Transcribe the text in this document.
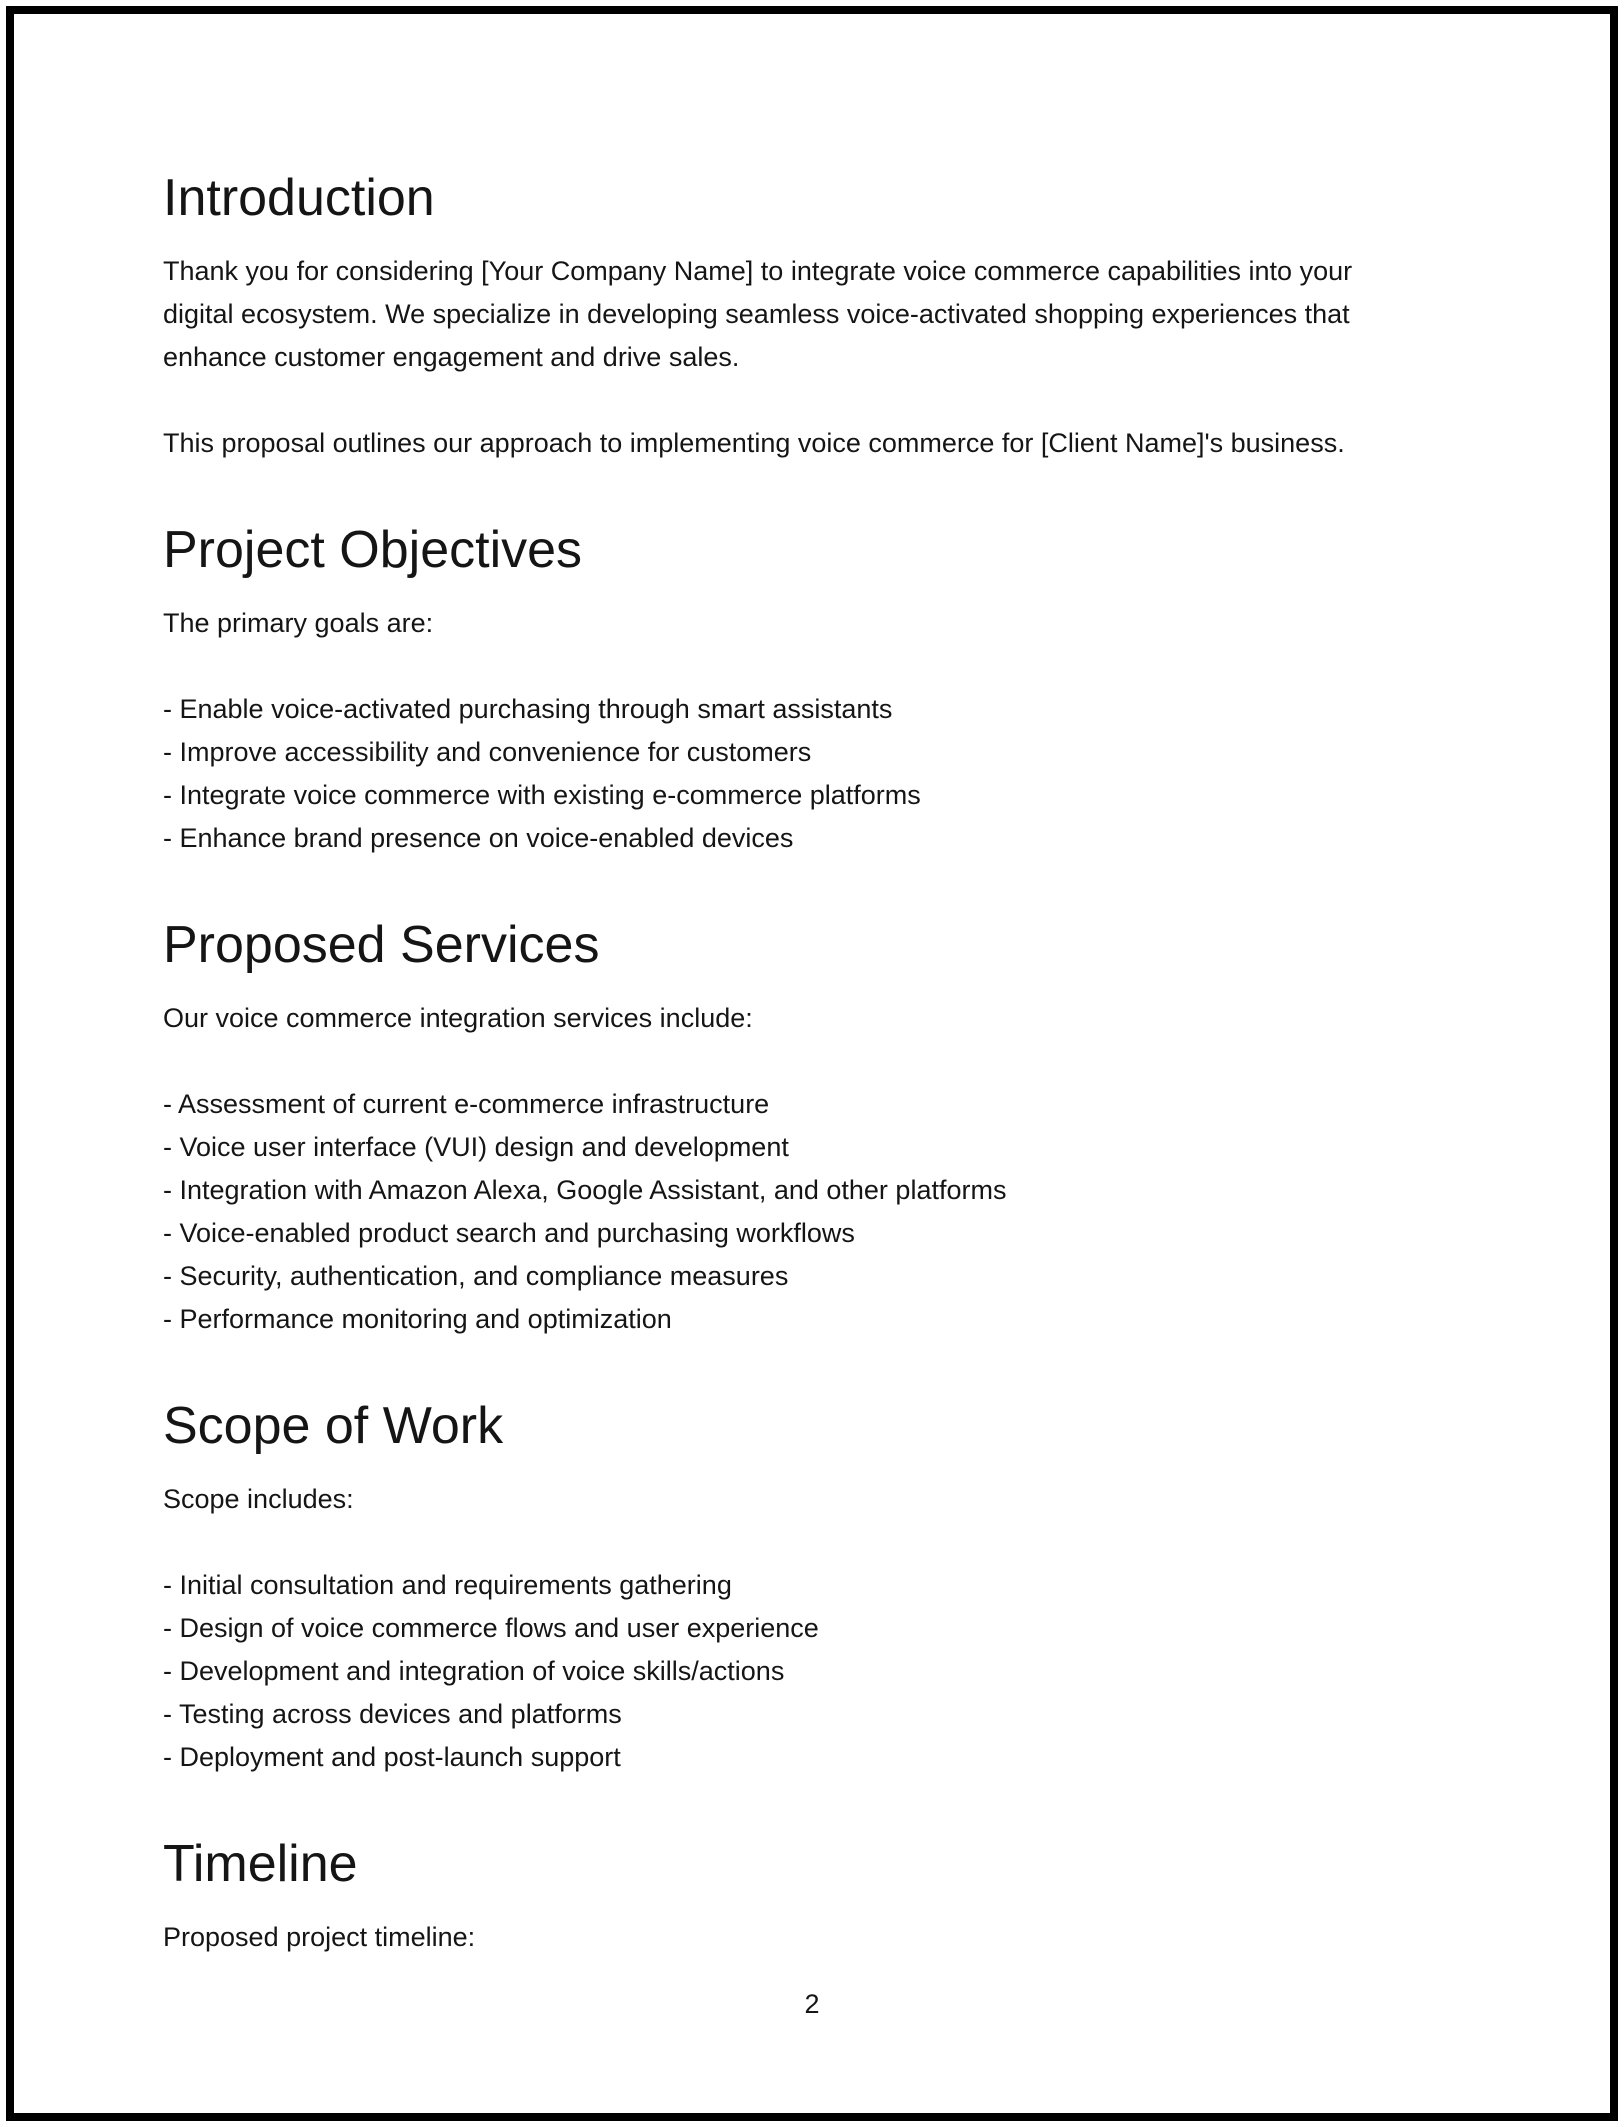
Introduction
Thank you for considering [Your Company Name] to integrate voice commerce capabilities into your
digital ecosystem. We specialize in developing seamless voice-activated shopping experiences that
enhance customer engagement and drive sales.
This proposal outlines our approach to implementing voice commerce for [Client Name]'s business.
Project Objectives
The primary goals are:
- Enable voice-activated purchasing through smart assistants
- Improve accessibility and convenience for customers
- Integrate voice commerce with existing e-commerce platforms
- Enhance brand presence on voice-enabled devices
Proposed Services
Our voice commerce integration services include:
- Assessment of current e-commerce infrastructure
- Voice user interface (VUI) design and development
- Integration with Amazon Alexa, Google Assistant, and other platforms
- Voice-enabled product search and purchasing workflows
- Security, authentication, and compliance measures
- Performance monitoring and optimization
Scope of Work
Scope includes:
- Initial consultation and requirements gathering
- Design of voice commerce flows and user experience
- Development and integration of voice skills/actions
- Testing across devices and platforms
- Deployment and post-launch support
Timeline
Proposed project timeline:
2
